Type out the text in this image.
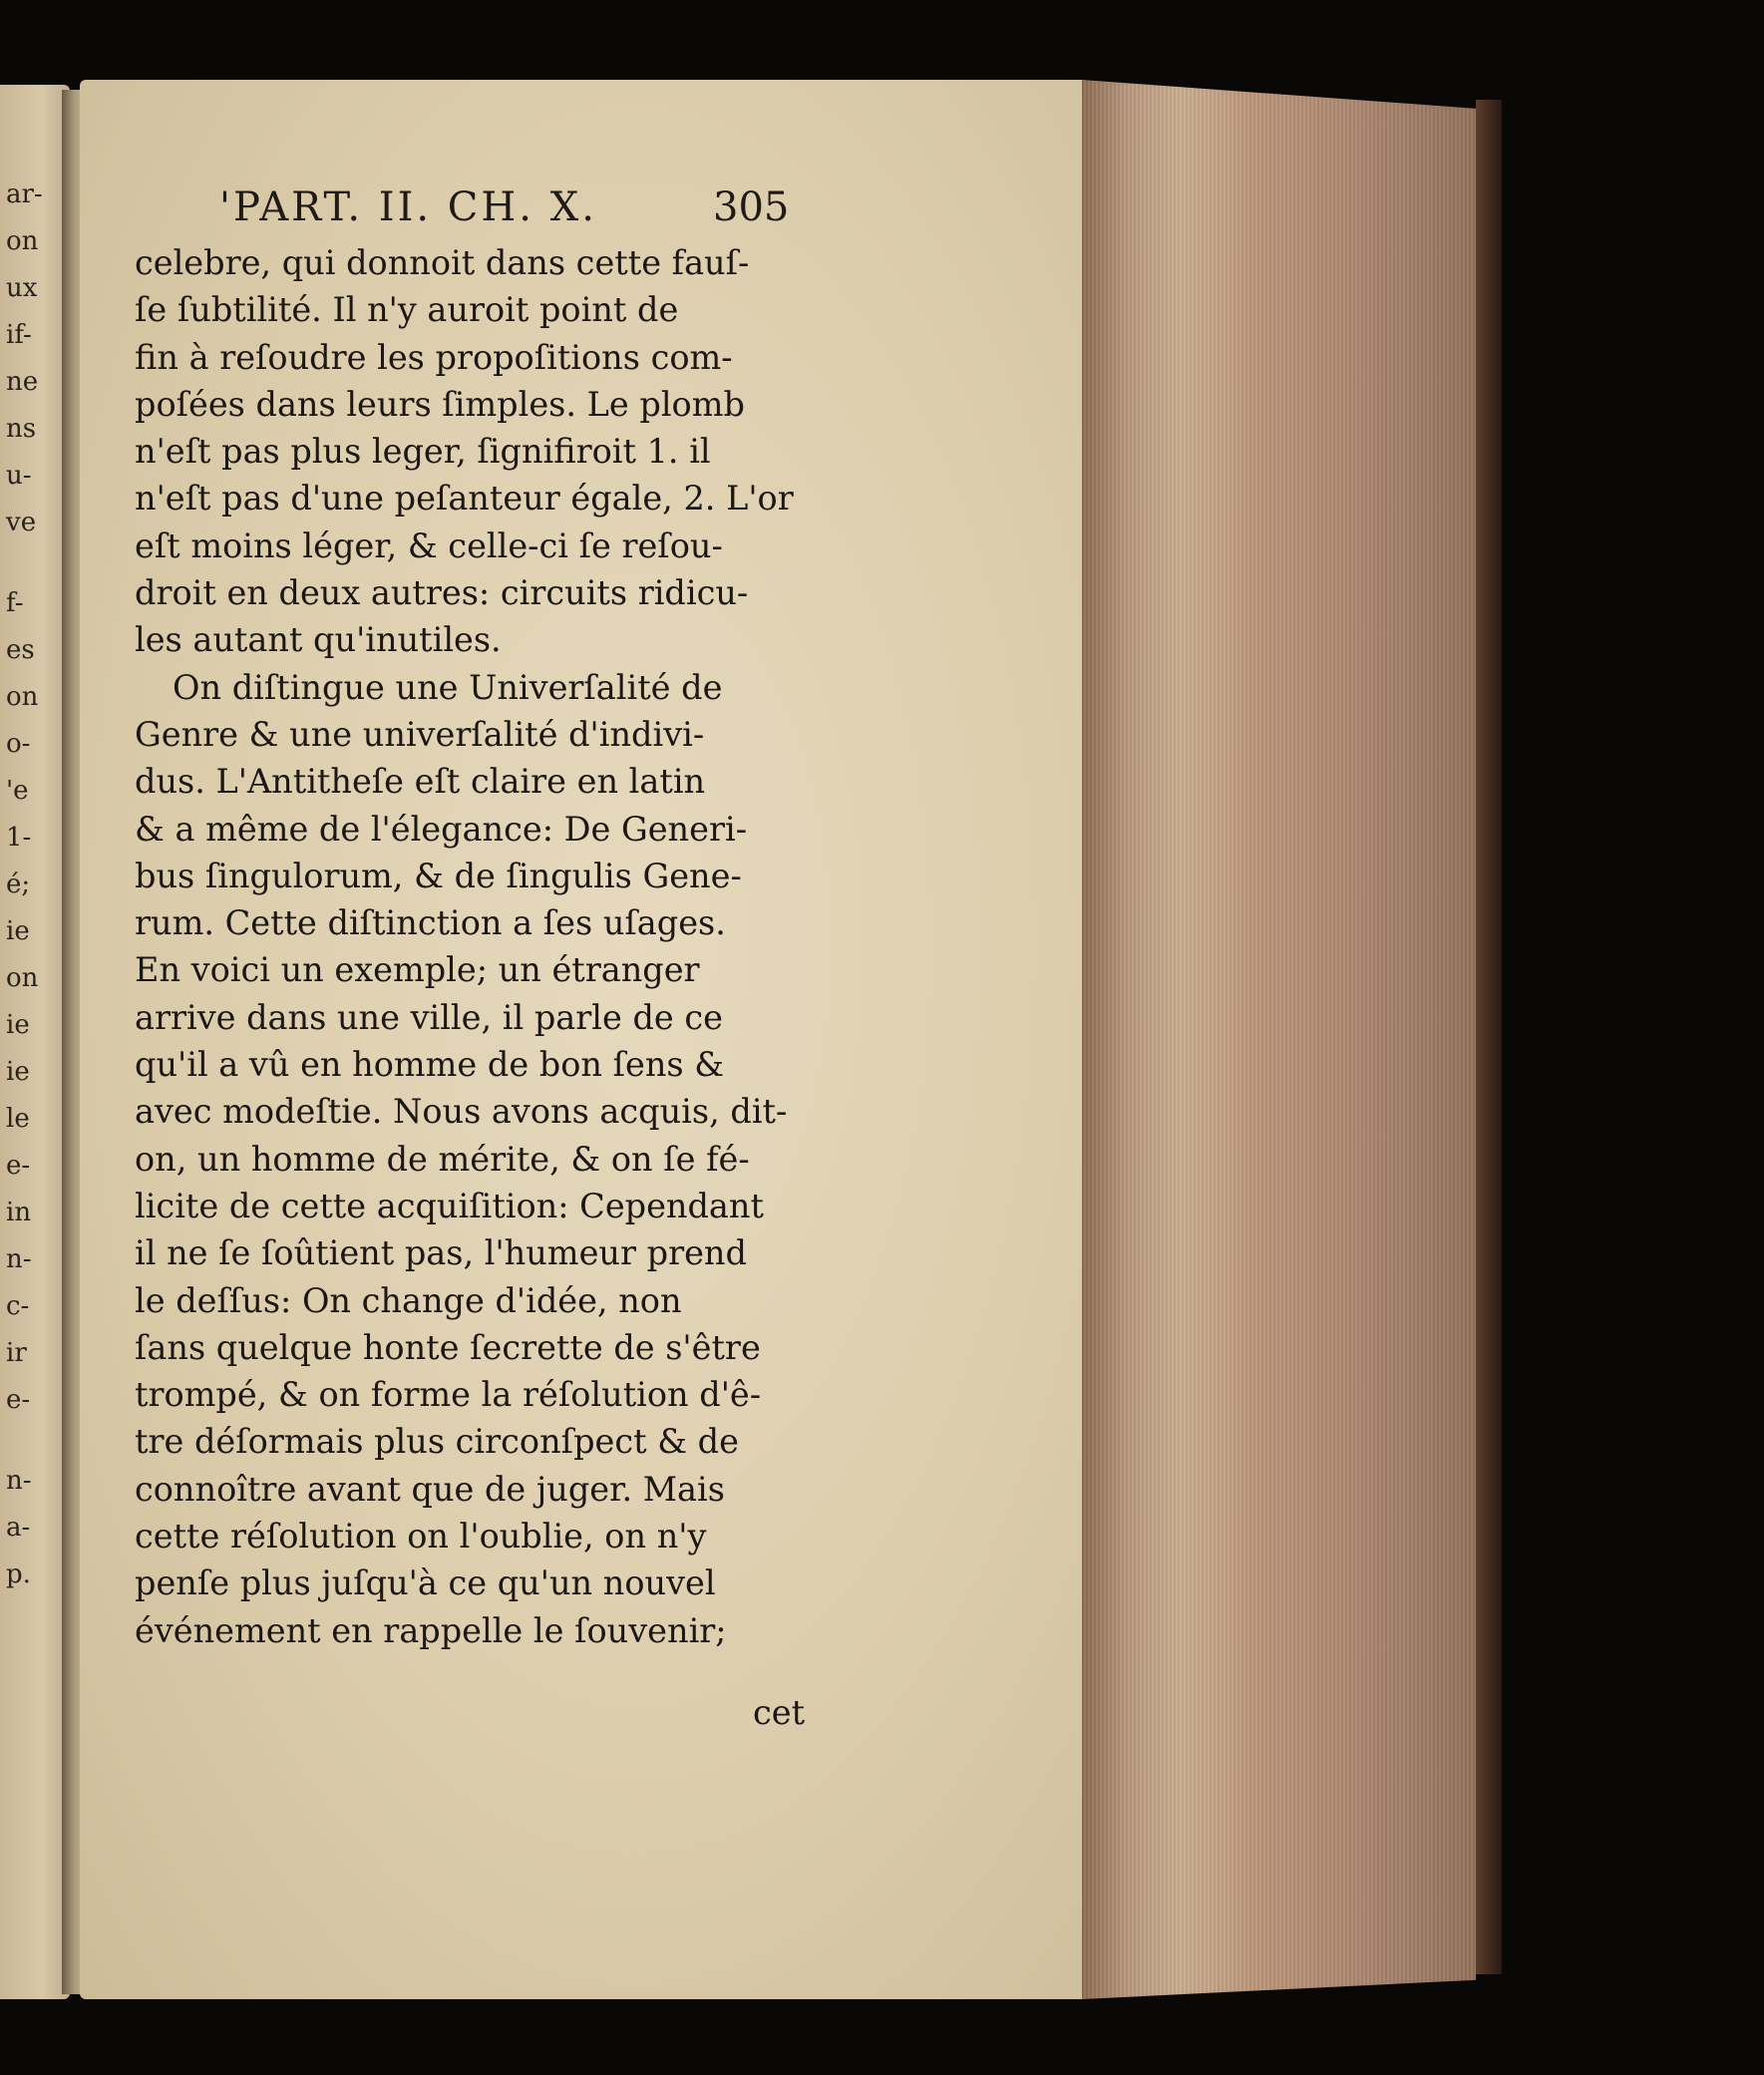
ar-
on
ux
if-
ne
ns
u-
ve
f-
es
on
o-
'e
1-
é;
ie
on
ie
ie
le
e-
in
n-
c-
ir
e-
n-
a-
p.
'PART. II. CH. X.	305
celebre, qui donnoit dans cette fauſ-
ſe ſubtilité. Il n'y auroit point de
fin à reſoudre les propoſitions com-
poſées dans leurs ſimples. Le plomb
n'eſt pas plus leger, ſignifiroit 1. il
n'eſt pas d'une peſanteur égale, 2. L'or
eſt moins léger, & celle-ci ſe reſou-
droit en deux autres: circuits ridicu-
les autant qu'inutiles.
On diſtingue une Univerſalité de
Genre & une univerſalité d'indivi-
dus. L'Antitheſe eſt claire en latin
& a même de l'élegance: De Generi-
bus ſingulorum, & de ſingulis Gene-
rum. Cette diſtinction a ſes uſages.
En voici un exemple; un étranger
arrive dans une ville, il parle de ce
qu'il a vû en homme de bon ſens &
avec modeſtie. Nous avons acquis, dit-
on, un homme de mérite, & on ſe fé-
licite de cette acquiſition: Cependant
il ne ſe ſoûtient pas, l'humeur prend
le deſſus: On change d'idée, non
ſans quelque honte ſecrette de s'être
trompé, & on forme la réſolution d'ê-
tre déſormais plus circonſpect & de
connoître avant que de juger. Mais
cette réſolution on l'oublie, on n'y
penſe plus juſqu'à ce qu'un nouvel
événement en rappelle le ſouvenir;
cet
